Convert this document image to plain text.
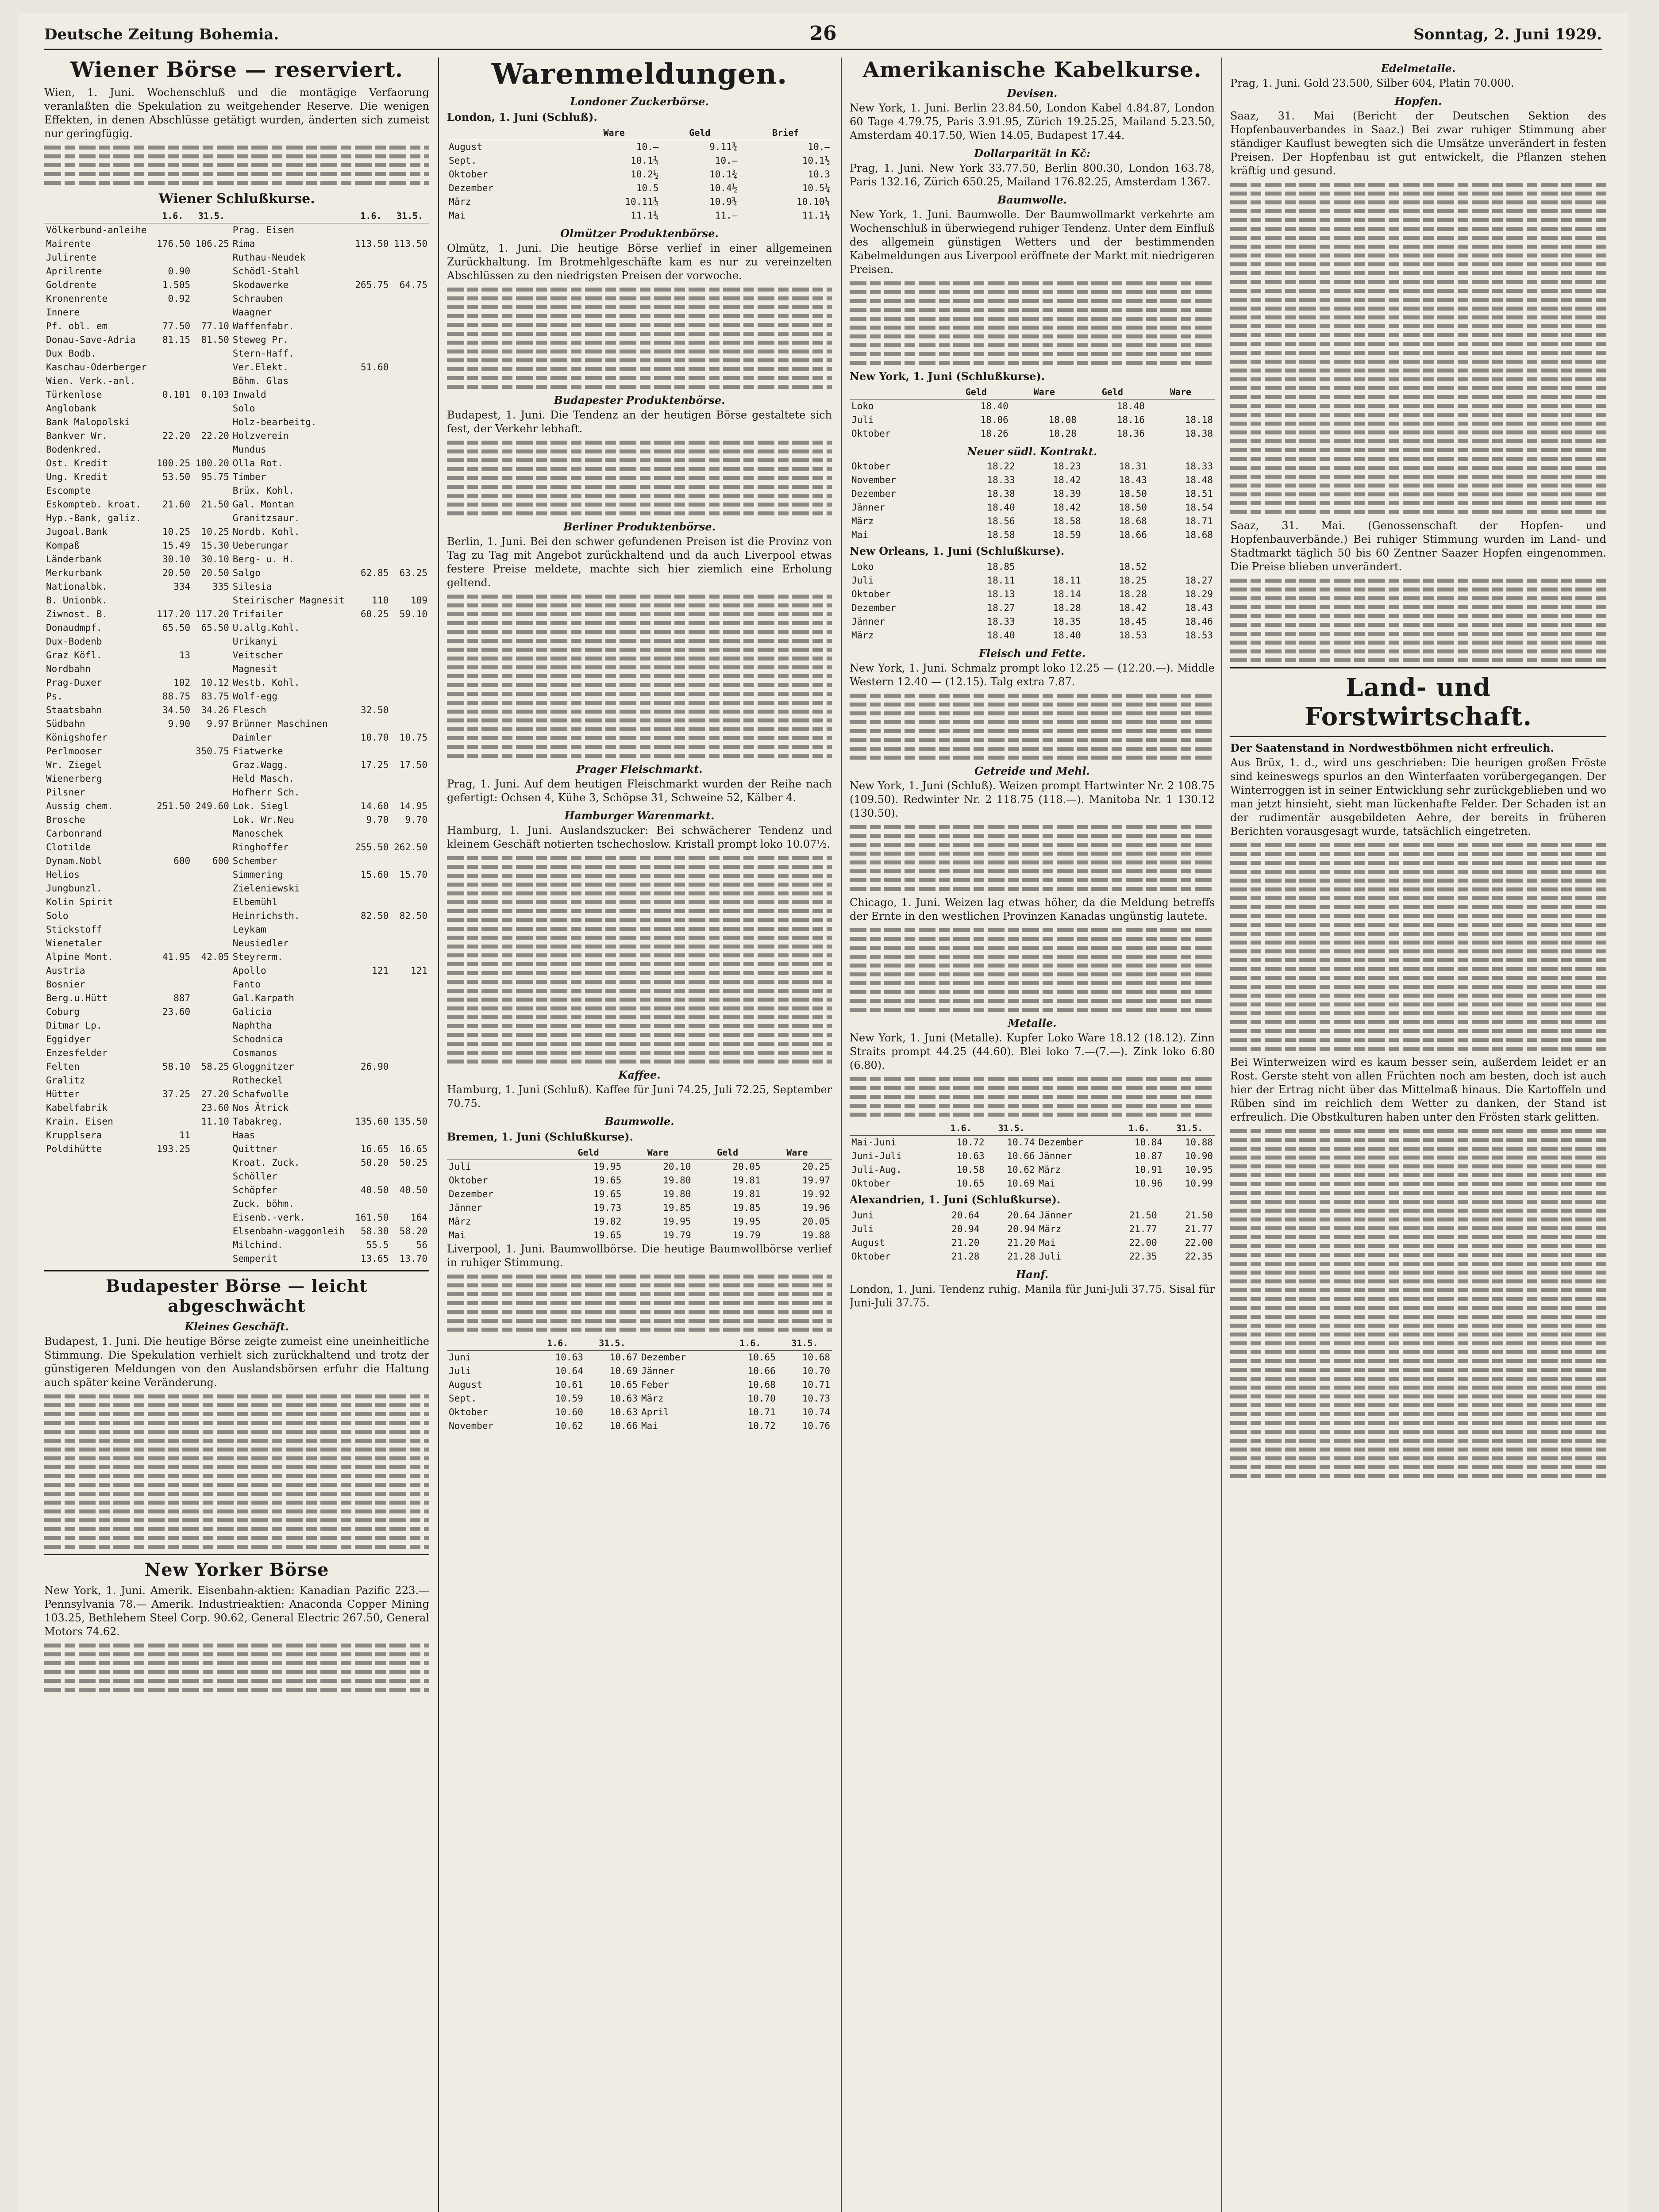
Deutsche Zeitung Bohemia.	26	Sonntag, 2. Juni 1929.
Wiener Börse — reserviert.

Wien, 1. Juni. Wochenschluß und die montägige Verfaorung veranlaßten die Spekulation zu weitgehender Reserve. Die wenigen Effekten, in denen Abschlüsse getätigt wurden, änderten sich zumeist nur geringfügig.

Wiener Schlußkurse.
	1.6.	31.5.		1.6.	31.5.
Völkerbund-anleihe			Prag. Eisen		
Mairente	176.50	106.25	Rima	113.50	113.50
Julirente			Ruthau-Neudek		
Aprilrente	0.90		Schödl-Stahl		
Goldrente	1.505		Skodawerke	265.75	64.75
Kronenrente	0.92		Schrauben		
Innere			Waagner		
Pf. obl. em	77.50	77.10	Waffenfabr.		
Donau-Save-Adria	81.15	81.50	Steweg Pr.		
Dux Bodb.			Stern-Haff.		
Kaschau-Oderberger			Ver.Elekt.	51.60	
Wien. Verk.-anl.			Böhm. Glas		
Türkenlose	0.101	0.103	Inwald		
Anglobank			Solo		
Bank Malopolski			Holz-bearbeitg.		
Bankver Wr.	22.20	22.20	Holzverein		
Bodenkred.			Mundus		
Ost. Kredit	100.25	100.20	Olla Rot.		
Ung. Kredit	53.50	95.75	Timber		
Escompte			Brüx. Kohl.		
Eskompteb. kroat.	21.60	21.50	Gal. Montan		
Hyp.-Bank, galiz.			Granitzsaur.		
Jugoal.Bank	10.25	10.25	Nordb. Kohl.		
Kompaß	15.49	15.30	Ueberungar		
Länderbank	30.10	30.10	Berg- u. H.		
Merkurbank	20.50	20.50	Salgo	62.85	63.25
Nationalbk.	334	335	Silesia		
B. Unionbk.			Steirischer Magnesit	110	109
Ziwnost. B.	117.20	117.20	Trifailer	60.25	59.10
Donaudmpf.	65.50	65.50	U.allg.Kohl.		
Dux-Bodenb			Urikanyi		
Graz Köfl.	13		Veitscher		
Nordbahn			Magnesit		
Prag-Duxer	102	10.12	Westb. Kohl.		
Ps.	88.75	83.75	Wolf-egg		
Staatsbahn	34.50	34.26	Flesch	32.50	
Südbahn	9.90	9.97	Brünner Maschinen		
Königshofer			Daimler	10.70	10.75
Perlmooser		350.75	Fiatwerke		
Wr. Ziegel			Graz.Wagg.	17.25	17.50
Wienerberg			Held Masch.		
Pilsner			Hofherr Sch.		
Aussig chem.	251.50	249.60	Lok. Siegl	14.60	14.95
Brosche			Lok. Wr.Neu	9.70	9.70
Carbonrand			Manoschek		
Clotilde			Ringhoffer	255.50	262.50
Dynam.Nobl	600	600	Schember		
Helios			Simmering	15.60	15.70
Jungbunzl.			Zieleniewski		
Kolin Spirit			Elbemühl		
Solo			Heinrichsth.	82.50	82.50
Stickstoff			Leykam		
Wienetaler			Neusiedler		
Alpine Mont.	41.95	42.05	Steyrerm.		
Austria			Apollo	121	121
Bosnier			Fanto		
Berg.u.Hütt	887		Gal.Karpath		
Coburg	23.60		Galicia		
Ditmar Lp.			Naphtha		
Eggidyer			Schodnica		
Enzesfelder			Cosmanos		
Felten	58.10	58.25	Gloggnitzer	26.90	
Gralitz			Rotheckel		
Hütter	37.25	27.20	Schafwolle		
Kabelfabrik		23.60	Nos Ätrick		
Krain. Eisen		11.10	Tabakreg.	135.60	135.50
Krupplsera	11		Haas		
Poldihütte	193.25		Quittner	16.65	16.65
			Kroat. Zuck.	50.20	50.25
			Schöller		
			Schöpfer	40.50	40.50
			Zuck. böhm.		
			Eisenb.-verk.	161.50	164
			Elsenbahn-waggonleih	58.30	58.20
			Milchind.	55.5	56
			Semperit	13.65	13.70
Budapester Börse — leicht abgeschwächt
Kleines Geschäft.

Budapest, 1. Juni. Die heutige Börse zeigte zumeist eine uneinheitliche Stimmung. Die Spekulation verhielt sich zurückhaltend und trotz der günstigeren Meldungen von den Auslandsbörsen erfuhr die Haltung auch später keine Veränderung.

New Yorker Börse

New York, 1. Juni. Amerik. Eisenbahn-aktien: Kanadian Pazific 223.— Pennsylvania 78.— Amerik. Industrieaktien: Anaconda Copper Mining 103.25, Bethlehem Steel Corp. 90.62, General Electric 267.50, General Motors 74.62.

Warenmeldungen.
Londoner Zuckerbörse.
London, 1. Juni (Schluß).
	Ware	Geld	Brief
August	10.—	9.11¾	10.—
Sept.	10.1¾	10.—	10.1½
Oktober	10.2½	10.1¾	10.3
Dezember	10.5	10.4½	10.5¼
März	10.11¾	10.9¾	10.10¼
Mai	11.1¾	11.—	11.1¼
Olmützer Produktenbörse.

Olmütz, 1. Juni. Die heutige Börse verlief in einer allgemeinen Zurückhaltung. Im Brotmehlgeschäfte kam es nur zu vereinzelten Abschlüssen zu den niedrigsten Preisen der vorwoche.

Budapester Produktenbörse.

Budapest, 1. Juni. Die Tendenz an der heutigen Börse gestaltete sich fest, der Verkehr lebhaft.

Berliner Produktenbörse.

Berlin, 1. Juni. Bei den schwer gefundenen Preisen ist die Provinz von Tag zu Tag mit Angebot zurückhaltend und da auch Liverpool etwas festere Preise meldete, machte sich hier ziemlich eine Erholung geltend.

Prager Fleischmarkt.

Prag, 1. Juni. Auf dem heutigen Fleischmarkt wurden der Reihe nach gefertigt: Ochsen 4, Kühe 3, Schöpse 31, Schweine 52, Kälber 4.

Hamburger Warenmarkt.

Hamburg, 1. Juni. Auslandszucker: Bei schwächerer Tendenz und kleinem Geschäft notierten tschechoslow. Kristall prompt loko 10.07½.

Kaffee.

Hamburg, 1. Juni (Schluß). Kaffee für Juni 74.25, Juli 72.25, September 70.75.

Baumwolle.
Bremen, 1. Juni (Schlußkurse).
	Geld	Ware	Geld	Ware
Juli	19.95	20.10	20.05	20.25
Oktober	19.65	19.80	19.81	19.97
Dezember	19.65	19.80	19.81	19.92
Jänner	19.73	19.85	19.85	19.96
März	19.82	19.95	19.95	20.05
Mai	19.65	19.79	19.79	19.88

Liverpool, 1. Juni. Baumwollbörse. Die heutige Baumwollbörse verlief in ruhiger Stimmung.

	1.6.	31.5.		1.6.	31.5.
Juni	10.63	10.67	Dezember	10.65	10.68
Juli	10.64	10.69	Jänner	10.66	10.70
August	10.61	10.65	Feber	10.68	10.71
Sept.	10.59	10.63	März	10.70	10.73
Oktober	10.60	10.63	April	10.71	10.74
November	10.62	10.66	Mai	10.72	10.76
Amerikanische Kabelkurse.
Devisen.

New York, 1. Juni. Berlin 23.84.50, London Kabel 4.84.87, London 60 Tage 4.79.75, Paris 3.91.95, Zürich 19.25.25, Mailand 5.23.50, Amsterdam 40.17.50, Wien 14.05, Budapest 17.44.

Dollarparität in Kč:

Prag, 1. Juni. New York 33.77.50, Berlin 800.30, London 163.78, Paris 132.16, Zürich 650.25, Mailand 176.82.25, Amsterdam 1367.

Baumwolle.

New York, 1. Juni. Baumwolle. Der Baumwollmarkt verkehrte am Wochenschluß in überwiegend ruhiger Tendenz. Unter dem Einfluß des allgemein günstigen Wetters und der bestimmenden Kabelmeldungen aus Liverpool eröffnete der Markt mit niedrigeren Preisen.

New York, 1. Juni (Schlußkurse).
	Geld	Ware	Geld	Ware
Loko	18.40		18.40	
Juli	18.06	18.08	18.16	18.18
Oktober	18.26	18.28	18.36	18.38
Neuer südl. Kontrakt.
Oktober	18.22	18.23	18.31	18.33
November	18.33	18.42	18.43	18.48
Dezember	18.38	18.39	18.50	18.51
Jänner	18.40	18.42	18.50	18.54
März	18.56	18.58	18.68	18.71
Mai	18.58	18.59	18.66	18.68
New Orleans, 1. Juni (Schlußkurse).
Loko	18.85		18.52	
Juli	18.11	18.11	18.25	18.27
Oktober	18.13	18.14	18.28	18.29
Dezember	18.27	18.28	18.42	18.43
Jänner	18.33	18.35	18.45	18.46
März	18.40	18.40	18.53	18.53
Fleisch und Fette.

New York, 1. Juni. Schmalz prompt loko 12.25 — (12.20.—). Middle Western 12.40 — (12.15). Talg extra 7.87.

Getreide und Mehl.

New York, 1. Juni (Schluß). Weizen prompt Hartwinter Nr. 2 108.75 (109.50). Redwinter Nr. 2 118.75 (118.—). Manitoba Nr. 1 130.12 (130.50).

Chicago, 1. Juni. Weizen lag etwas höher, da die Meldung betreffs der Ernte in den westlichen Provinzen Kanadas ungünstig lautete.

Metalle.

New York, 1. Juni (Metalle). Kupfer Loko Ware 18.12 (18.12). Zinn Straits prompt 44.25 (44.60). Blei loko 7.—(7.—). Zink loko 6.80 (6.80).

	1.6.	31.5.		1.6.	31.5.
Mai-Juni	10.72	10.74	Dezember	10.84	10.88
Juni-Juli	10.63	10.66	Jänner	10.87	10.90
Juli-Aug.	10.58	10.62	März	10.91	10.95
Oktober	10.65	10.69	Mai	10.96	10.99
Alexandrien, 1. Juni (Schlußkurse).
Juni	20.64	20.64	Jänner	21.50	21.50
Juli	20.94	20.94	März	21.77	21.77
August	21.20	21.20	Mai	22.00	22.00
Oktober	21.28	21.28	Juli	22.35	22.35
Hanf.

London, 1. Juni. Tendenz ruhig. Manila für Juni-Juli 37.75. Sisal für Juni-Juli 37.75.

Edelmetalle.

Prag, 1. Juni. Gold 23.500, Silber 604, Platin 70.000.

Hopfen.

Saaz, 31. Mai (Bericht der Deutschen Sektion des Hopfenbauverbandes in Saaz.) Bei zwar ruhiger Stimmung aber ständiger Kauflust bewegten sich die Umsätze unverändert in festen Preisen. Der Hopfenbau ist gut entwickelt, die Pflanzen stehen kräftig und gesund.

Saaz, 31. Mai. (Genossenschaft der Hopfen- und Hopfenbauverbände.) Bei ruhiger Stimmung wurden im Land- und Stadtmarkt täglich 50 bis 60 Zentner Saazer Hopfen eingenommen. Die Preise blieben unverändert.

Land- und Forstwirtschaft.
Der Saatenstand in Nordwestböhmen nicht erfreulich.

Aus Brüx, 1. d., wird uns geschrieben: Die heurigen großen Fröste sind keineswegs spurlos an den Winterfaaten vorübergegangen. Der Winterroggen ist in seiner Entwicklung sehr zurückgeblieben und wo man jetzt hinsieht, sieht man lückenhafte Felder. Der Schaden ist an der rudimentär ausgebildeten Aehre, der bereits in früheren Berichten vorausgesagt wurde, tatsächlich eingetreten.

Bei Winterweizen wird es kaum besser sein, außerdem leidet er an Rost. Gerste steht von allen Früchten noch am besten, doch ist auch hier der Ertrag nicht über das Mittelmaß hinaus. Die Kartoffeln und Rüben sind im reichlich dem Wetter zu danken, der Stand ist erfreulich. Die Obstkulturen haben unter den Frösten stark gelitten.
